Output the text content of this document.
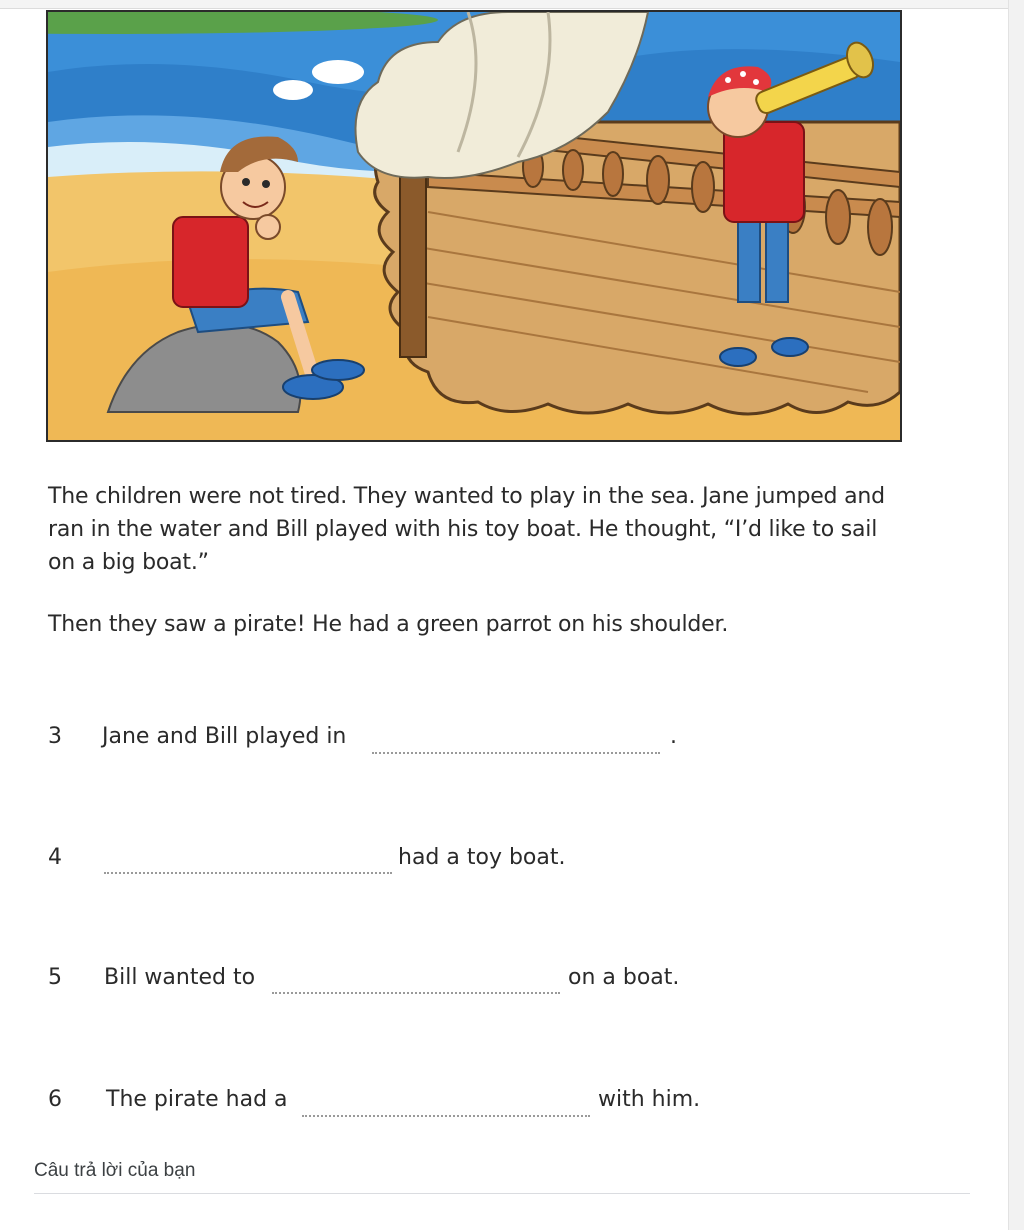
The children were not tired. They wanted to play in the sea. Jane jumped and ran in the water and Bill played with his toy boat. He thought, “I’d like to sail on a big boat.”
Then they saw a pirate! He had a green parrot on his shoulder.
3 Jane and Bill played in	.
4	had a toy boat.
5 Bill wanted to	on a boat.
6 The pirate had a	with him.
Câu trả lời của bạn
